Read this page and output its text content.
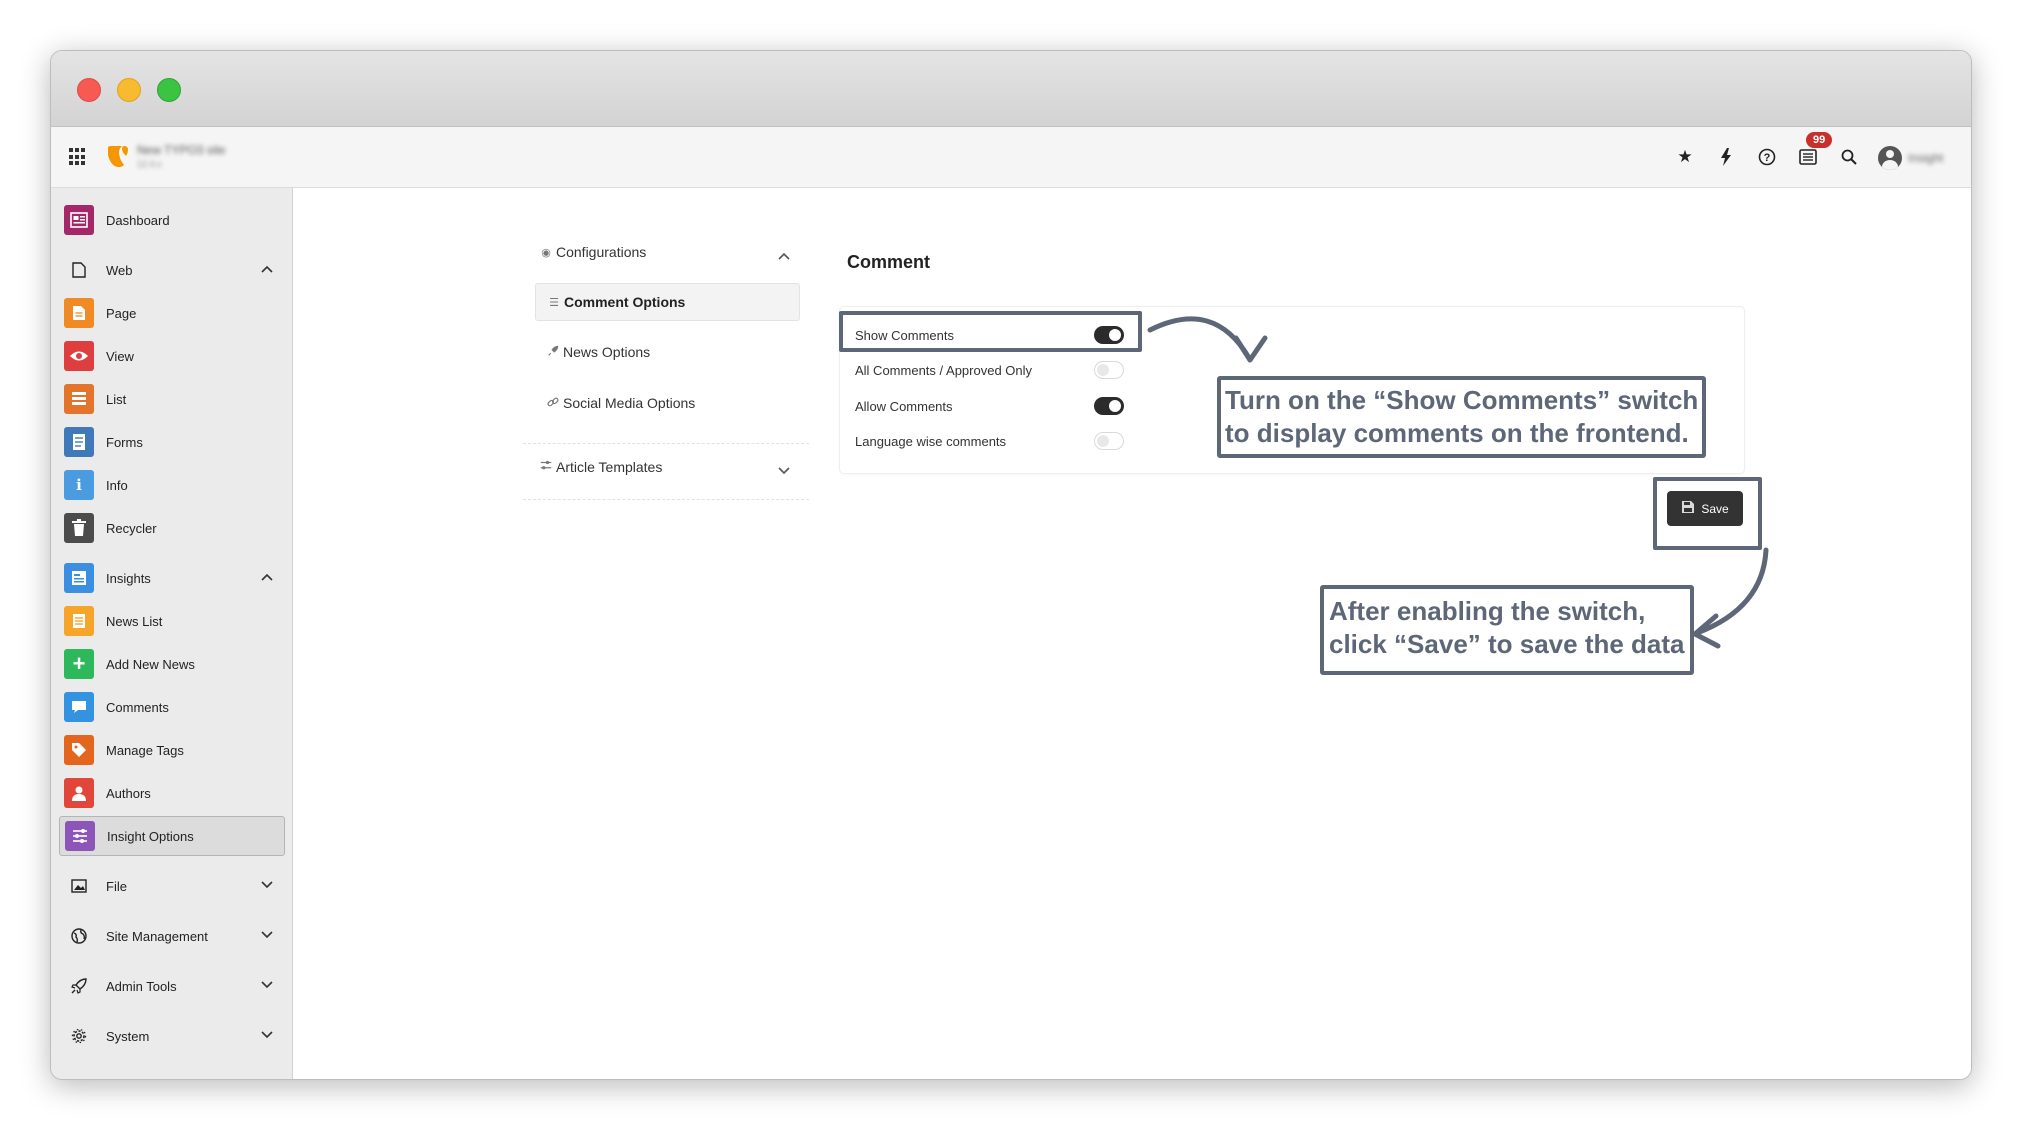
New TYPO3 site
12.4.x	★	?
99
Insight
Dashboard
Web
Page
View
List
Forms
i	Info
Recycler
Insights
News List
+	Add New News
Comments
Manage Tags
Authors
Insight Options
File
Site Management
Admin Tools
System
◉ Configurations
☰ Comment Options
News Options
Social Media Options
Article Templates
Comment
Show Comments
All Comments / Approved Only
Allow Comments
Language wise comments
Save
Turn on the “Show Comments” switch
to display comments on the frontend.
After enabling the switch,
click “Save” to save the data
